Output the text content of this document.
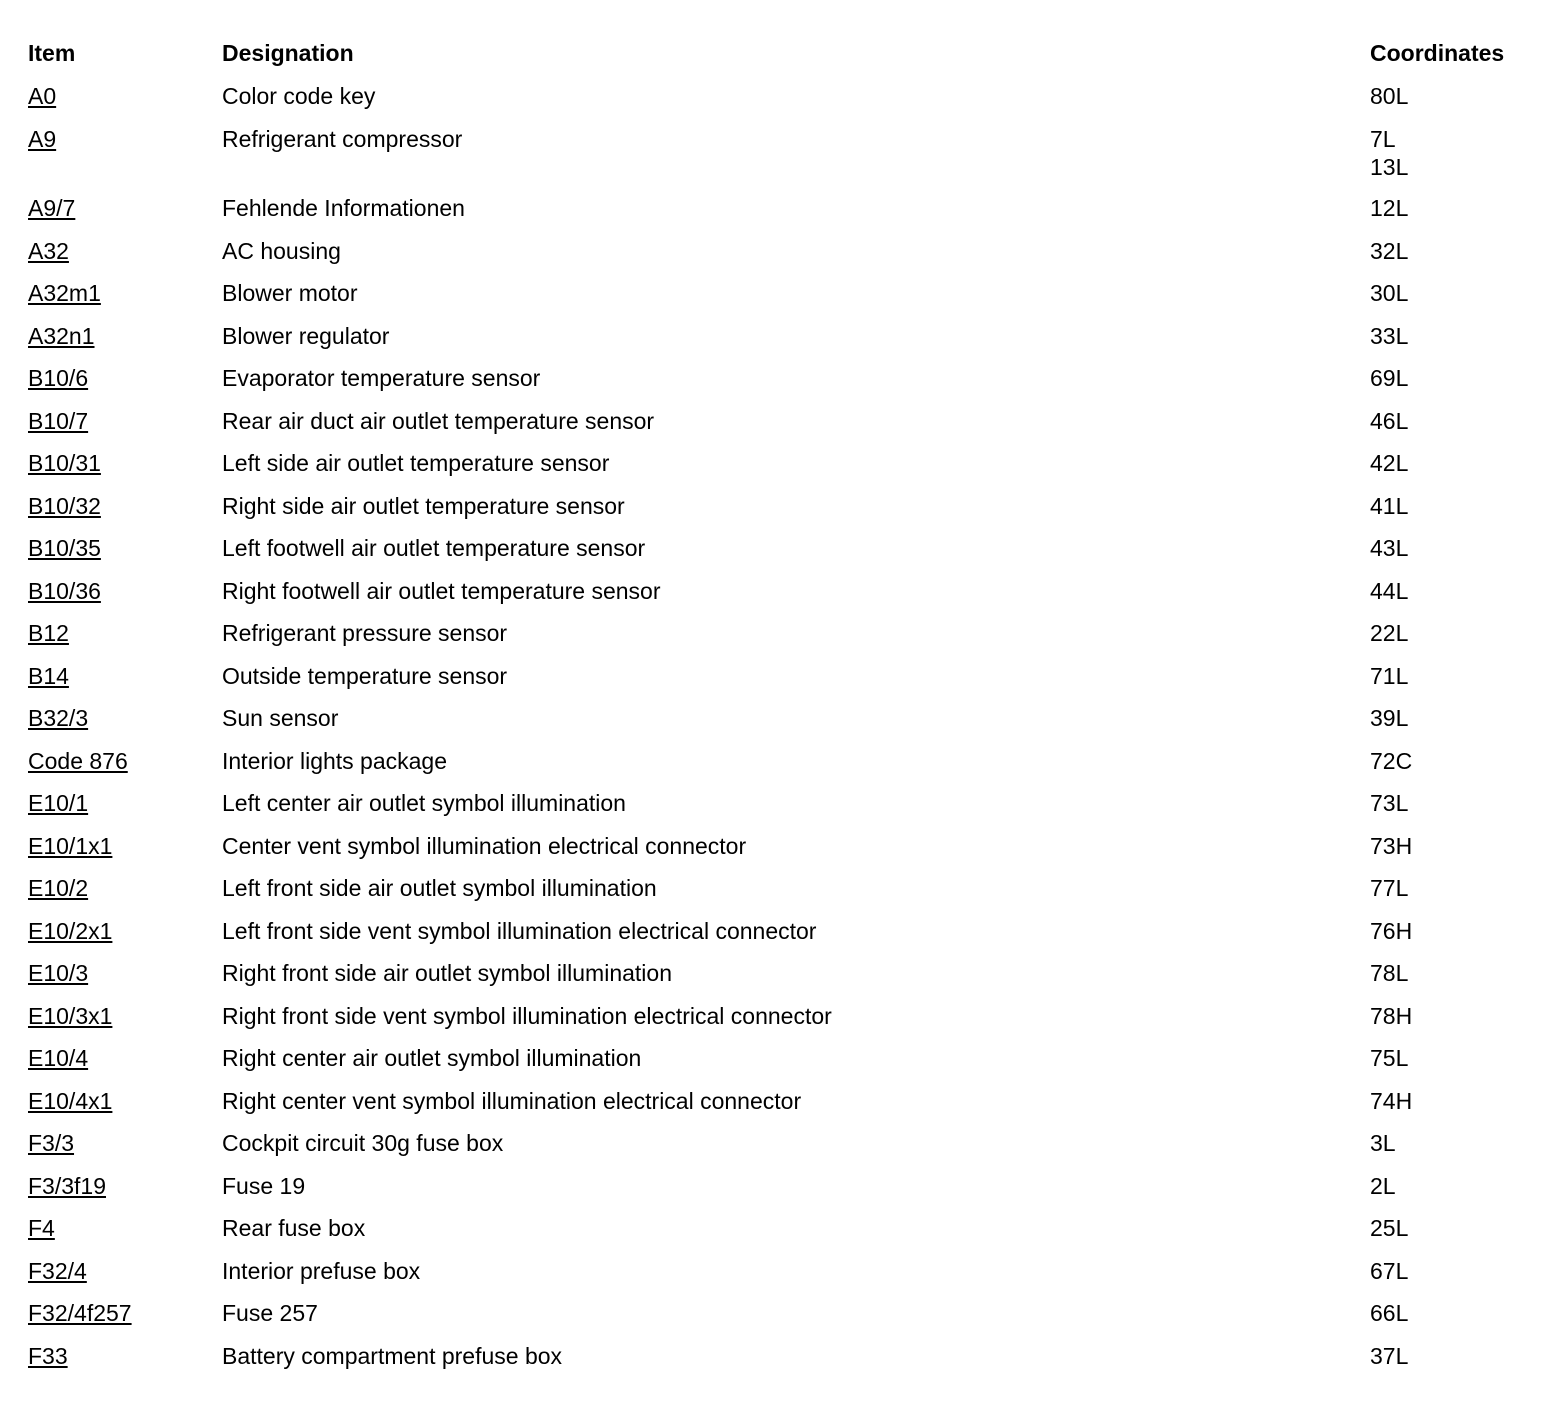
Item	Designation	Coordinates
A0	Color code key	80L
A9	Refrigerant compressor	7L
13L
A9/7	Fehlende Informationen	12L
A32	AC housing	32L
A32m1	Blower motor	30L
A32n1	Blower regulator	33L
B10/6	Evaporator temperature sensor	69L
B10/7	Rear air duct air outlet temperature sensor	46L
B10/31	Left side air outlet temperature sensor	42L
B10/32	Right side air outlet temperature sensor	41L
B10/35	Left footwell air outlet temperature sensor	43L
B10/36	Right footwell air outlet temperature sensor	44L
B12	Refrigerant pressure sensor	22L
B14	Outside temperature sensor	71L
B32/3	Sun sensor	39L
Code 876	Interior lights package	72C
E10/1	Left center air outlet symbol illumination	73L
E10/1x1	Center vent symbol illumination electrical connector	73H
E10/2	Left front side air outlet symbol illumination	77L
E10/2x1	Left front side vent symbol illumination electrical connector	76H
E10/3	Right front side air outlet symbol illumination	78L
E10/3x1	Right front side vent symbol illumination electrical connector	78H
E10/4	Right center air outlet symbol illumination	75L
E10/4x1	Right center vent symbol illumination electrical connector	74H
F3/3	Cockpit circuit 30g fuse box	3L
F3/3f19	Fuse 19	2L
F4	Rear fuse box	25L
F32/4	Interior prefuse box	67L
F32/4f257	Fuse 257	66L
F33	Battery compartment prefuse box	37L
